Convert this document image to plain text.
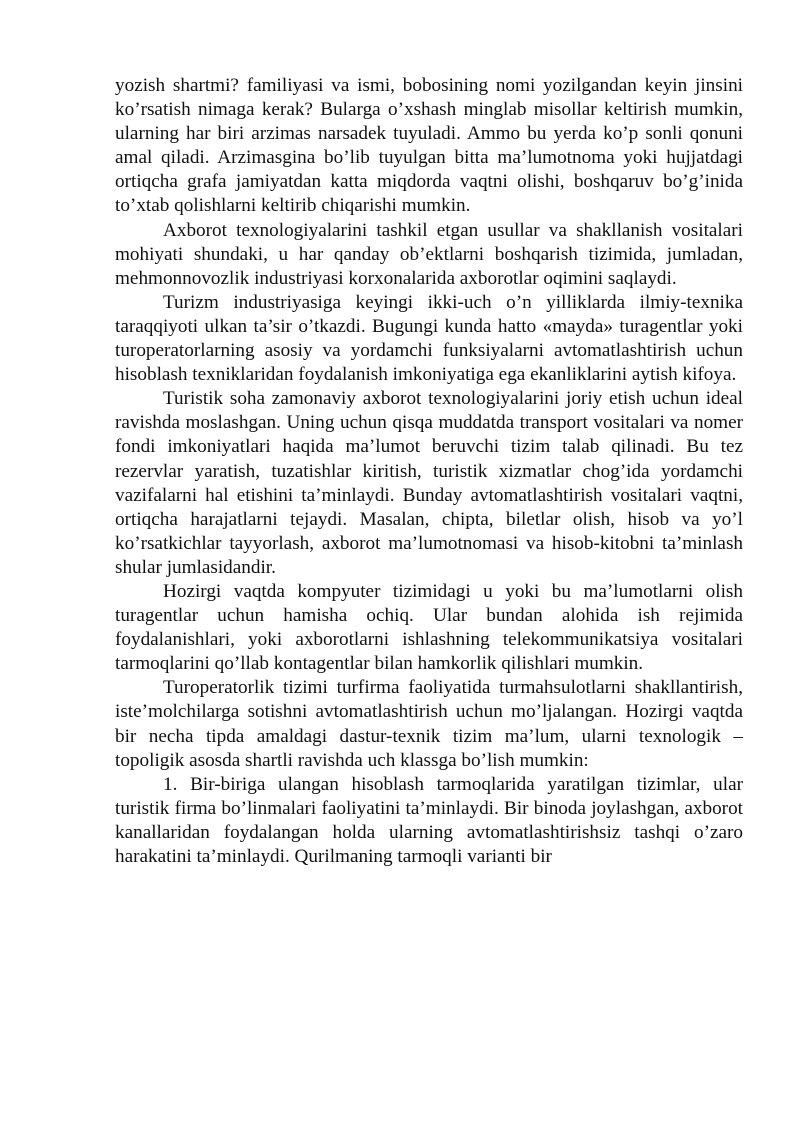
yozish shartmi? familiyasi va ismi, bobosining nomi yozilgandan keyin jinsini ko’rsatish nimaga kerak? Bularga o’xshash minglab misollar keltirish mumkin, ularning har biri arzimas narsadek tuyuladi. Ammo bu yerda ko’p sonli qonuni amal qiladi. Arzimasgina bo’lib tuyulgan bitta ma’lumotnoma yoki hujjatdagi ortiqcha grafa jamiyatdan katta miqdorda vaqtni olishi, boshqaruv bo’g’inida to’xtab qolishlarni keltirib chiqarishi mumkin.

Axborot texnologiyalarini tashkil etgan usullar va shakllanish vositalari mohiyati shundaki, u har qanday ob’ektlarni boshqarish tizimida, jumladan, mehmonnovozlik industriyasi korxonalarida axborotlar oqimini saqlaydi.

Turizm industriyasiga keyingi ikki-uch o’n yilliklarda ilmiy-texnika taraqqiyoti ulkan ta’sir o’tkazdi. Bugungi kunda hatto «mayda» turagentlar yoki turoperatorlarning asosiy va yordamchi funksiyalarni avtomatlashtirish uchun hisoblash texniklaridan foydalanish imkoniyatiga ega ekanliklarini aytish kifoya.

Turistik soha zamonaviy axborot texnologiyalarini joriy etish uchun ideal ravishda moslashgan. Uning uchun qisqa muddatda transport vositalari va nomer fondi imkoniyatlari haqida ma’lumot beruvchi tizim talab qilinadi. Bu tez rezervlar yaratish, tuzatishlar kiritish, turistik xizmatlar chog’ida yordamchi vazifalarni hal etishini ta’minlaydi. Bunday avtomatlashtirish vositalari vaqtni, ortiqcha harajatlarni tejaydi. Masalan, chipta, biletlar olish, hisob va yo’l ko’rsatkichlar tayyorlash, axborot ma’lumotnomasi va hisob-kitobni ta’minlash shular jumlasidandir.

Hozirgi vaqtda kompyuter tizimidagi u yoki bu ma’lumotlarni olish turagentlar uchun hamisha ochiq. Ular bundan alohida ish rejimida foydalanishlari, yoki axborotlarni ishlashning telekommunikatsiya vositalari tarmoqlarini qo’llab kontagentlar bilan hamkorlik qilishlari mumkin.

Turoperatorlik tizimi turfirma faoliyatida turmahsulotlarni shakllantirish, iste’molchilarga sotishni avtomatlashtirish uchun mo’ljalangan. Hozirgi vaqtda bir necha tipda amaldagi dastur-texnik tizim ma’lum, ularni texnologik – topoligik asosda shartli ravishda uch klassga bo’lish mumkin:

1. Bir-biriga ulangan hisoblash tarmoqlarida yaratilgan tizimlar, ular turistik firma bo’linmalari faoliyatini ta’minlaydi. Bir binoda joylashgan, axborot kanallaridan foydalangan holda ularning avtomatlashtirishsiz tashqi o’zaro harakatini ta’minlaydi. Qurilmaning tarmoqli varianti bir
